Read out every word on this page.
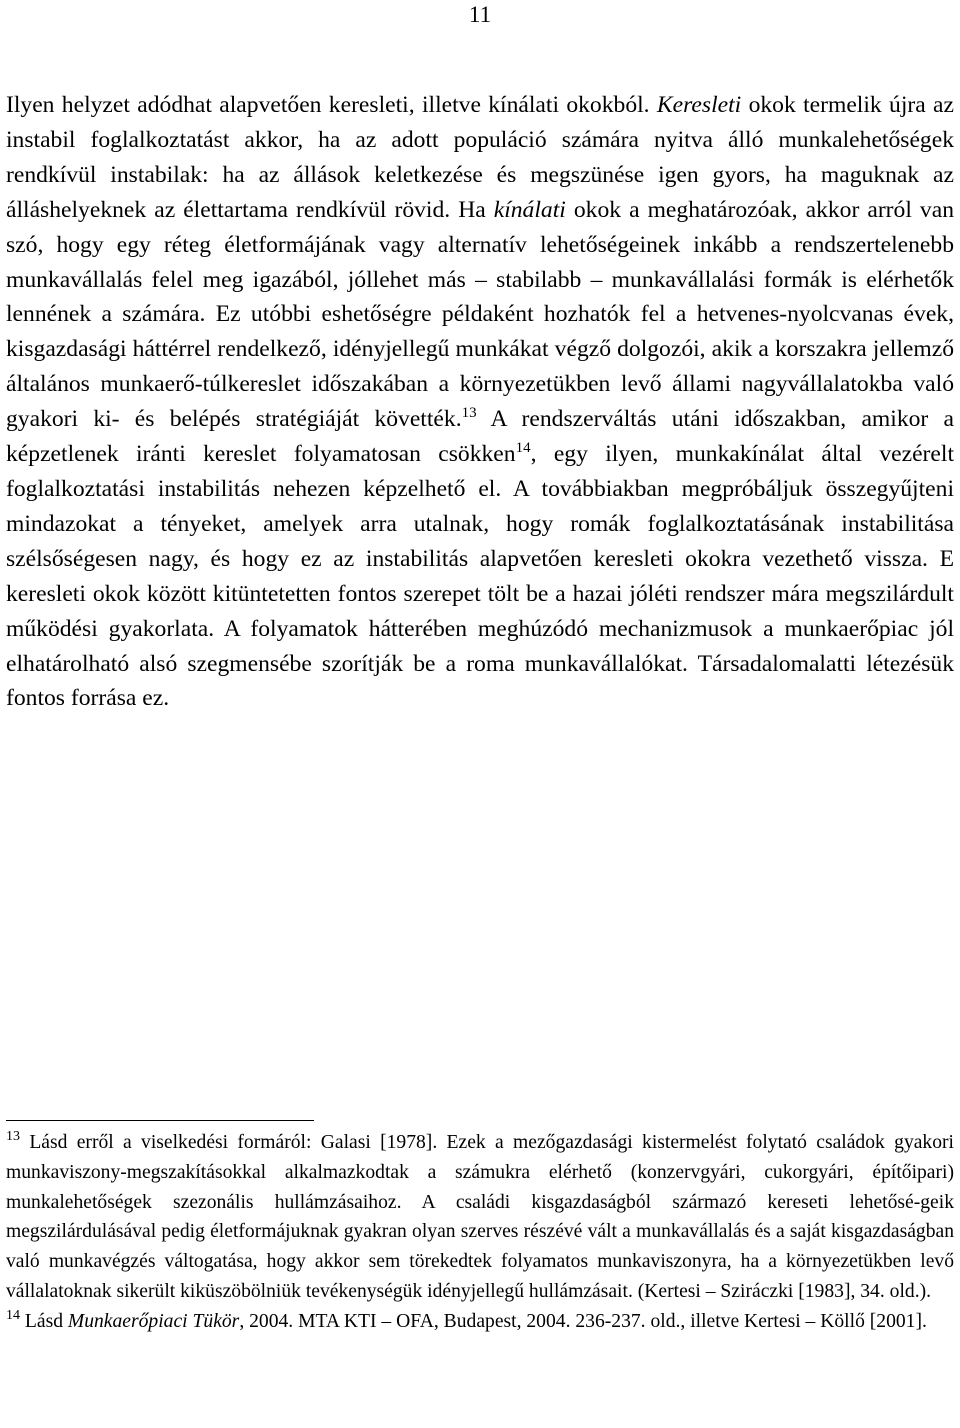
11

Ilyen helyzet adódhat alapvetően keresleti, illetve kínálati okokból. Keresleti okok termelik újra az instabil foglalkoztatást akkor, ha az adott populáció számára nyitva álló munkalehetőségek rendkívül instabilak: ha az állások keletkezése és megszünése igen gyors, ha maguknak az álláshelyeknek az élettartama rendkívül rövid. Ha kínálati okok a meghatározóak, akkor arról van szó, hogy egy réteg életformájának vagy alternatív lehetőségeinek inkább a rendszertelenebb munkavállalás felel meg igazából, jóllehet más – stabilabb – munkavállalási formák is elérhetők lennének a számára. Ez utóbbi eshetőségre példaként hozhatók fel a hetvenes-nyolcvanas évek, kisgazdasági háttérrel rendelkező, idényjellegű munkákat végző dolgozói, akik a korszakra jellemző általános munkaerő-túlkereslet időszakában a környezetükben levő állami nagyvállalatokba való gyakori ki- és belépés stratégiáját követték.$^{13}$ A rendszerváltás utáni időszakban, amikor a képzetlenek iránti kereslet folyamatosan csökken$^{14}$, egy ilyen, munkakínálat által vezérelt foglalkoztatási instabilitás nehezen képzelhető el. A továbbiakban megpróbáljuk összegyűjteni mindazokat a tényeket, amelyek arra utalnak, hogy romák foglalkoztatásának instabilitása szélsőségesen nagy, és hogy ez az instabilitás alapvetően keresleti okokra vezethető vissza. E keresleti okok között kitüntetetten fontos szerepet tölt be a hazai jóléti rendszer mára megszilárdult működési gyakorlata. A folyamatok hátterében meghúzódó mechanizmusok a munkaerőpiac jól elhatárolható alsó szegmensébe szorítják be a roma munkavállalókat. Társadalomalatti létezésük fontos forrása ez.

$^{13}$ Lásd erről a viselkedési formáról: Galasi [1978]. Ezek a mezőgazdasági kistermelést folytató családok gyakori munkaviszony-megszakításokkal alkalmazkodtak a számukra elérhető (konzervgyári, cukorgyári, építőipari) munkalehetőségek szezonális hullámzásaihoz. A családi kisgazdaságból származó kereseti lehetősé-geik megszilárdulásával pedig életformájuknak gyakran olyan szerves részévé vált a munkavállalás és a saját kisgazdaságban való munkavégzés váltogatása, hogy akkor sem törekedtek folyamatos munkaviszonyra, ha a környezetükben levő vállalatoknak sikerült kiküszöbölniük tevékenységük idényjellegű hullámzásait. (Kertesi – Sziráczki [1983], 34. old.).

$^{14}$ Lásd Munkaerőpiaci Tükör, 2004. MTA KTI – OFA, Budapest, 2004. 236-237. old., illetve Kertesi – Köllő [2001].
